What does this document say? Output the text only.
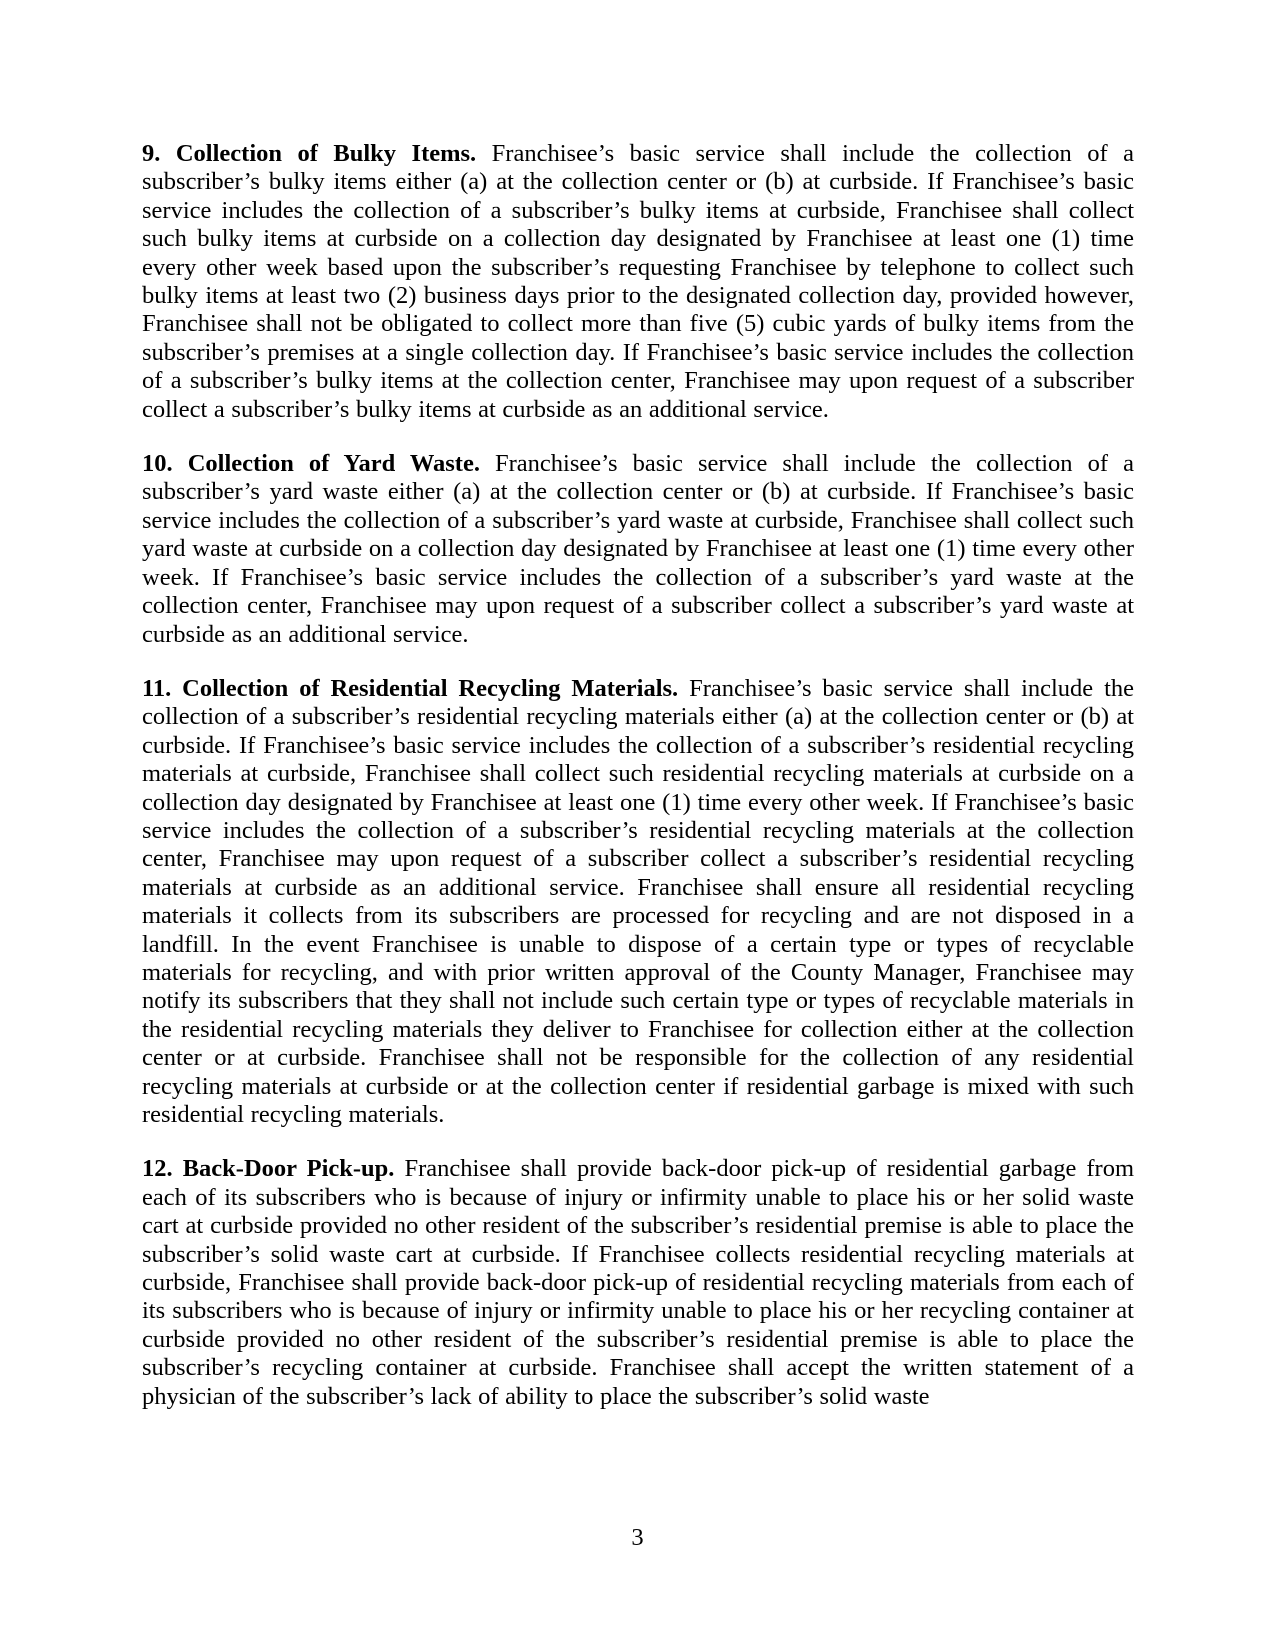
9. Collection of Bulky Items. Franchisee’s basic service shall include the collection of a subscriber’s bulky items either (a) at the collection center or (b) at curbside. If Franchisee’s basic service includes the collection of a subscriber’s bulky items at curbside, Franchisee shall collect such bulky items at curbside on a collection day designated by Franchisee at least one (1) time every other week based upon the subscriber’s requesting Franchisee by telephone to collect such bulky items at least two (2) business days prior to the designated collection day, provided however, Franchisee shall not be obligated to collect more than five (5) cubic yards of bulky items from the subscriber’s premises at a single collection day. If Franchisee’s basic service includes the collection of a subscriber’s bulky items at the collection center, Franchisee may upon request of a subscriber collect a subscriber’s bulky items at curbside as an additional service.

10. Collection of Yard Waste. Franchisee’s basic service shall include the collection of a subscriber’s yard waste either (a) at the collection center or (b) at curbside. If Franchisee’s basic service includes the collection of a subscriber’s yard waste at curbside, Franchisee shall collect such yard waste at curbside on a collection day designated by Franchisee at least one (1) time every other week. If Franchisee’s basic service includes the collection of a subscriber’s yard waste at the collection center, Franchisee may upon request of a subscriber collect a subscriber’s yard waste at curbside as an additional service.

11. Collection of Residential Recycling Materials. Franchisee’s basic service shall include the collection of a subscriber’s residential recycling materials either (a) at the collection center or (b) at curbside. If Franchisee’s basic service includes the collection of a subscriber’s residential recycling materials at curbside, Franchisee shall collect such residential recycling materials at curbside on a collection day designated by Franchisee at least one (1) time every other week. If Franchisee’s basic service includes the collection of a subscriber’s residential recycling materials at the collection center, Franchisee may upon request of a subscriber collect a subscriber’s residential recycling materials at curbside as an additional service. Franchisee shall ensure all residential recycling materials it collects from its subscribers are processed for recycling and are not disposed in a landfill. In the event Franchisee is unable to dispose of a certain type or types of recyclable materials for recycling, and with prior written approval of the County Manager, Franchisee may notify its subscribers that they shall not include such certain type or types of recyclable materials in the residential recycling materials they deliver to Franchisee for collection either at the collection center or at curbside. Franchisee shall not be responsible for the collection of any residential recycling materials at curbside or at the collection center if residential garbage is mixed with such residential recycling materials.

12. Back-Door Pick-up. Franchisee shall provide back-door pick-up of residential garbage from each of its subscribers who is because of injury or infirmity unable to place his or her solid waste cart at curbside provided no other resident of the subscriber’s residential premise is able to place the subscriber’s solid waste cart at curbside. If Franchisee collects residential recycling materials at curbside, Franchisee shall provide back-door pick-up of residential recycling materials from each of its subscribers who is because of injury or infirmity unable to place his or her recycling container at curbside provided no other resident of the subscriber’s residential premise is able to place the subscriber’s recycling container at curbside. Franchisee shall accept the written statement of a physician of the subscriber’s lack of ability to place the subscriber’s solid waste

3
